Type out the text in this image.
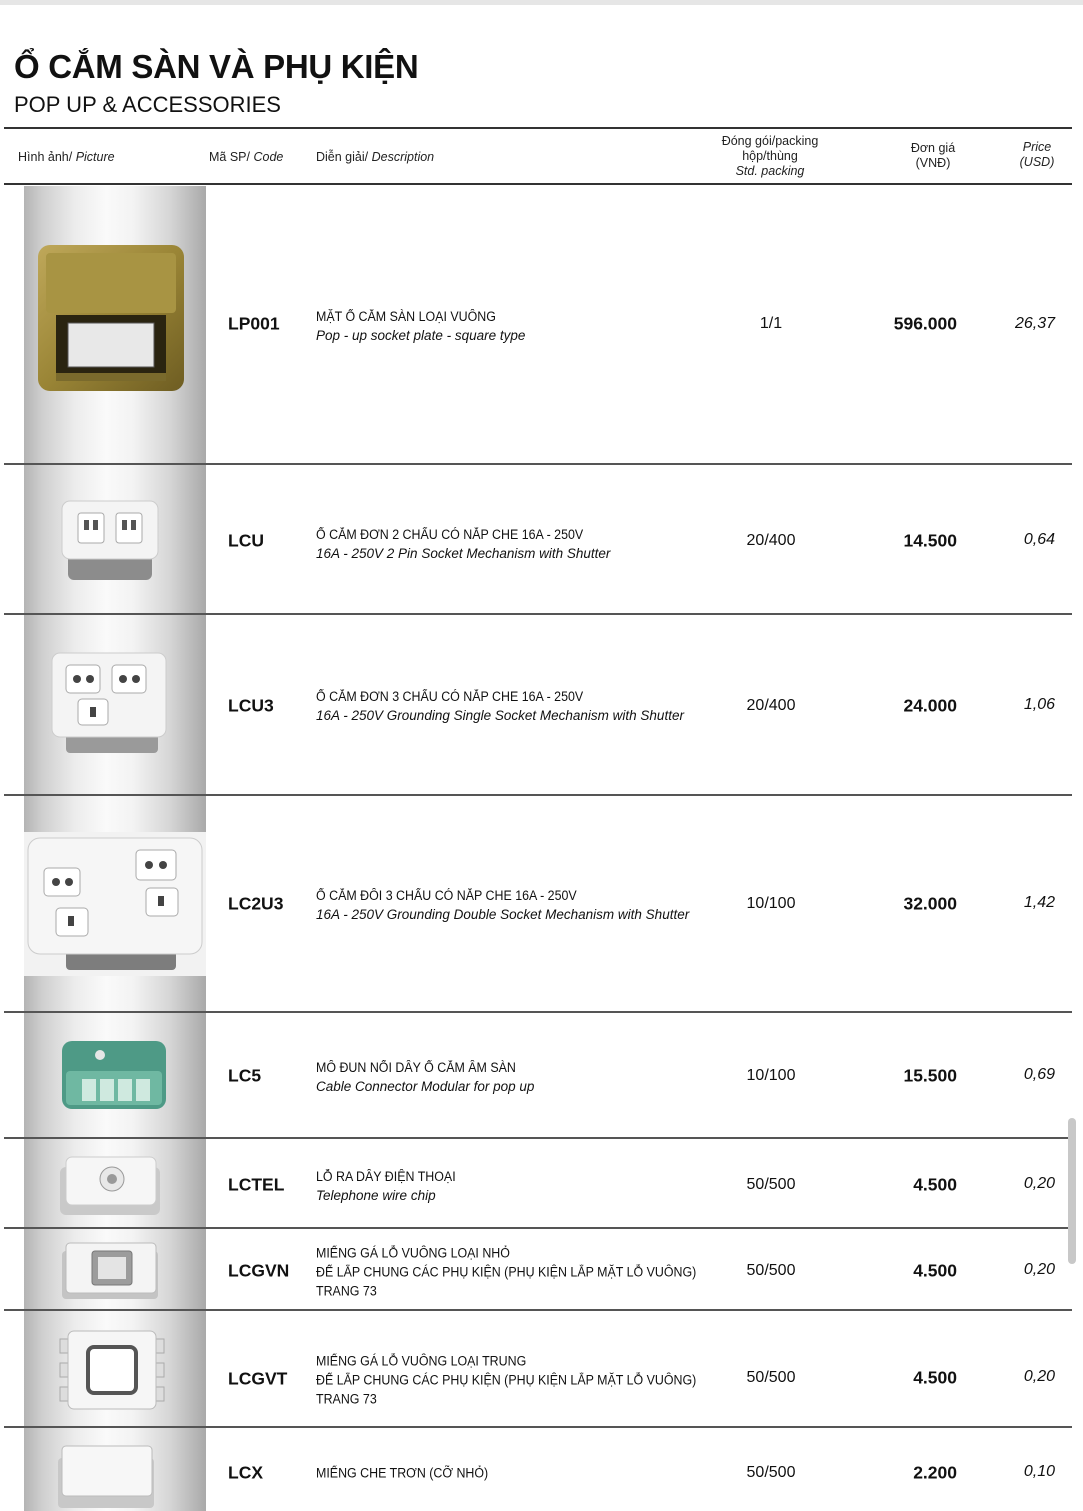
Ổ CẮM SÀN VÀ PHỤ KIỆN
POP UP & ACCESSORIES
Hình ảnh/ Picture	Mã SP/ Code	Diễn giải/ Description
Đóng gói/packing
hộp/thùng
Std. packing
Đơn giá
(VNĐ)
Price
(USD)
LP001	MẶT Ổ CẮM SÀN LOẠI VUÔNG
Pop - up socket plate - square type
1/1	596.000	26,37
LCU	Ổ CẮM ĐƠN 2 CHẤU CÓ NẮP CHE 16A - 250V
16A - 250V 2 Pin Socket Mechanism with Shutter
20/400	14.500	0,64
LCU3	Ổ CẮM ĐƠN 3 CHẤU CÓ NẮP CHE 16A - 250V
16A - 250V Grounding Single Socket Mechanism with Shutter
20/400	24.000	1,06
LC2U3 Ổ CẮM ĐÔI 3 CHẤU CÓ NẮP CHE 16A - 250V
16A - 250V Grounding Double Socket Mechanism with Shutter
10/100	32.000	1,42
LC5	MÔ ĐUN NỐI DÂY Ổ CẮM ÂM SÀN
Cable Connector Modular for pop up
10/100	15.500	0,69
LCTEL LỖ RA DÂY ĐIỆN THOẠI
Telephone wire chip
50/500	4.500	0,20
LCGVN
MIẾNG GÁ LỖ VUÔNG LOẠI NHỎ
ĐỂ LẮP CHUNG CÁC PHỤ KIỆN (PHỤ KIỆN LẮP MẶT LỖ VUÔNG)
TRANG 73
50/500	4.500	0,20
LCGVT
MIẾNG GÁ LỖ VUÔNG LOẠI TRUNG
ĐỂ LẮP CHUNG CÁC PHỤ KIỆN (PHỤ KIỆN LẮP MẶT LỖ VUÔNG)
TRANG 73
50/500	4.500	0,20
LCX	MIẾNG CHE TRƠN (CỠ NHỎ)	50/500	2.200	0,10
